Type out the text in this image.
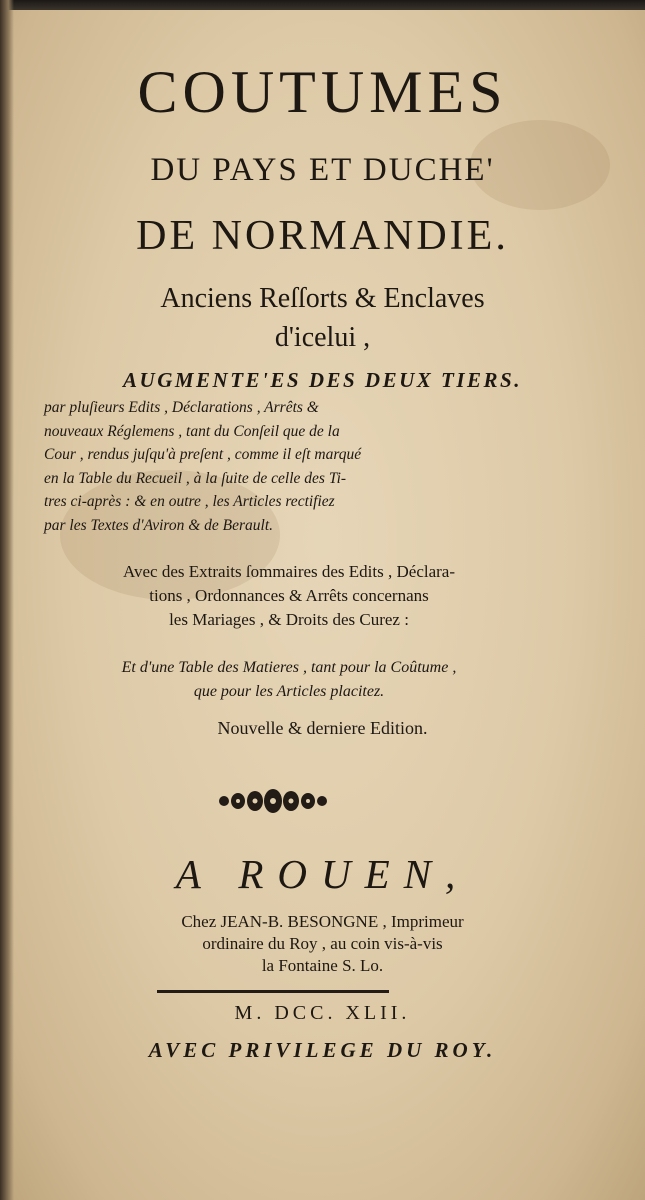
COUTUMES
DU PAYS ET DUCHE'
DE NORMANDIE.
Anciens Reſſorts & Enclaves
d'icelui ,
AUGMENTE'ES DES DEUX TIERS.
par pluſieurs Edits , Déclarations , Arrêts &
nouveaux Réglemens , tant du Conſeil que de la
Cour , rendus juſqu'à preſent , comme il eſt marqué
en la Table du Recueil , à la ſuite de celle des Ti-
tres ci-après : & en outre , les Articles rectifiez
par les Textes d'Aviron & de Berault.
Avec des Extraits ſommaires des Edits , Déclara-
tions , Ordonnances & Arrêts concernans
les Mariages , & Droits des Curez :
Et d'une Table des Matieres , tant pour la Coûtume ,
que pour les Articles placitez.
Nouvelle & derniere Edition.
A ROUEN,
Chez JEAN-B. BESONGNE , Imprimeur
ordinaire du Roy , au coin vis-à-vis
la Fontaine S. Lo.
M. DCC. XLII.
AVEC PRIVILEGE DU ROY.
